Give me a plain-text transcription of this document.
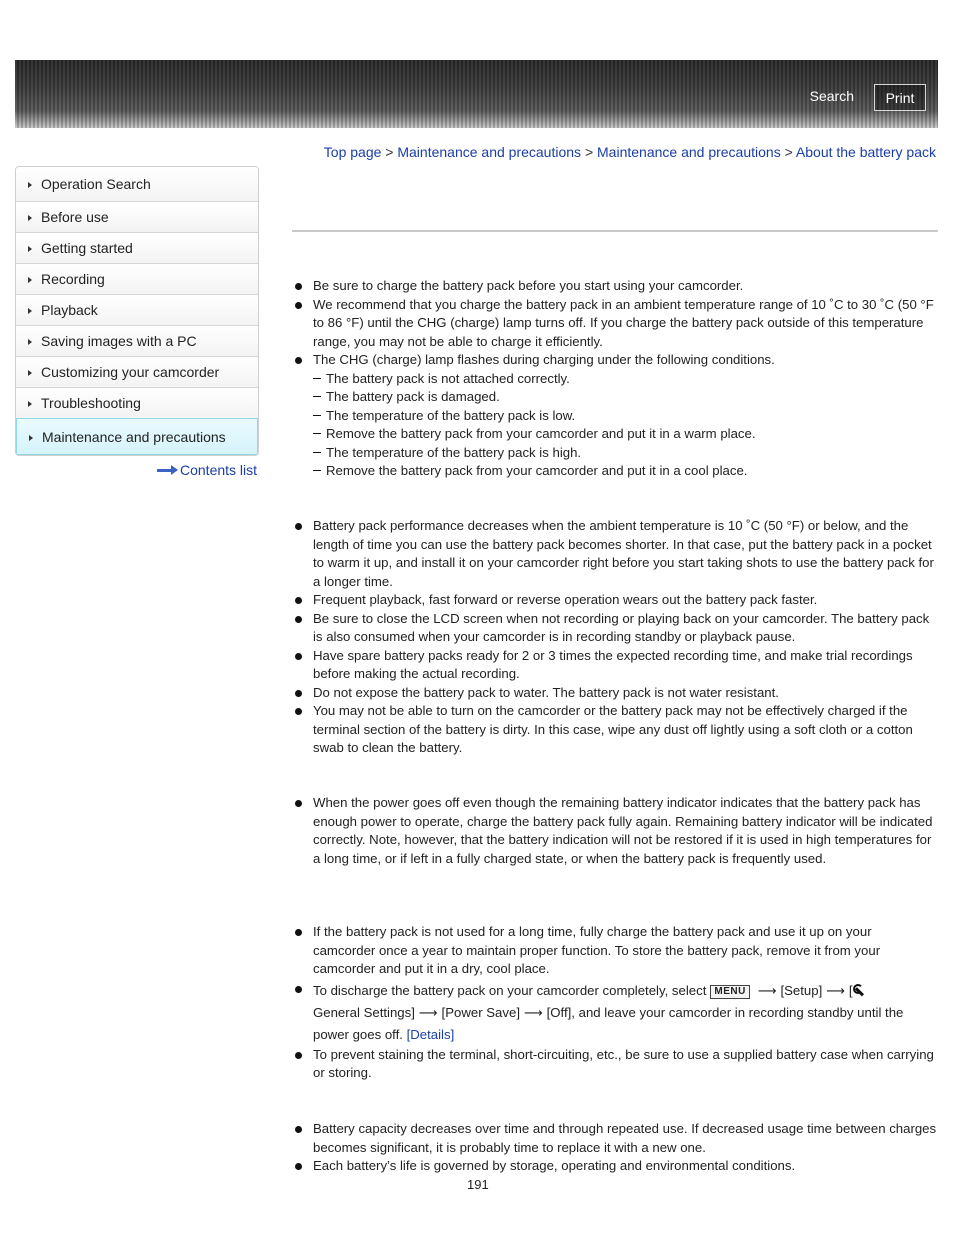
Search	Print
Top page > Maintenance and precautions > Maintenance and precautions > About the battery pack
Operation Search
Before use
Getting started
Recording
Playback
Saving images with a PC
Customizing your camcorder
Troubleshooting
Maintenance and precautions
Contents list

Be sure to charge the battery pack before you start using your camcorder.

We recommend that you charge the battery pack in an ambient temperature range of 10 ˚C to 30 ˚C (50 °F to 86 °F) until the CHG (charge) lamp turns off. If you charge the battery pack outside of this temperature range, you may not be able to charge it efficiently.

The CHG (charge) lamp flashes during charging under the following conditions.

The battery pack is not attached correctly.

The battery pack is damaged.

The temperature of the battery pack is low.

Remove the battery pack from your camcorder and put it in a warm place.

The temperature of the battery pack is high.

Remove the battery pack from your camcorder and put it in a cool place.

Battery pack performance decreases when the ambient temperature is 10 ˚C (50 °F) or below, and the length of time you can use the battery pack becomes shorter. In that case, put the battery pack in a pocket to warm it up, and install it on your camcorder right before you start taking shots to use the battery pack for a longer time.

Frequent playback, fast forward or reverse operation wears out the battery pack faster.

Be sure to close the LCD screen when not recording or playing back on your camcorder. The battery pack is also consumed when your camcorder is in recording standby or playback pause.

Have spare battery packs ready for 2 or 3 times the expected recording time, and make trial recordings before making the actual recording.

Do not expose the battery pack to water. The battery pack is not water resistant.

You may not be able to turn on the camcorder or the battery pack may not be effectively charged if the terminal section of the battery is dirty. In this case, wipe any dust off lightly using a soft cloth or a cotton swab to clean the battery.

When the power goes off even though the remaining battery indicator indicates that the battery pack has enough power to operate, charge the battery pack fully again. Remaining battery indicator will be indicated correctly. Note, however, that the battery indication will not be restored if it is used in high temperatures for a long time, or if left in a fully charged state, or when the battery pack is frequently used.

If the battery pack is not used for a long time, fully charge the battery pack and use it up on your camcorder once a year to maintain proper function. To store the battery pack, remove it from your camcorder and put it in a dry, cool place.

To discharge the battery pack on your camcorder completely, select MENU ⟶ [Setup] ⟶ [
General Settings] ⟶ [Power Save] ⟶ [Off], and leave your camcorder in recording standby until the power goes off. [Details]

To prevent staining the terminal, short-circuiting, etc., be sure to use a supplied battery case when carrying or storing.

Battery capacity decreases over time and through repeated use. If decreased usage time between charges becomes significant, it is probably time to replace it with a new one.

Each battery’s life is governed by storage, operating and environmental conditions.

191
